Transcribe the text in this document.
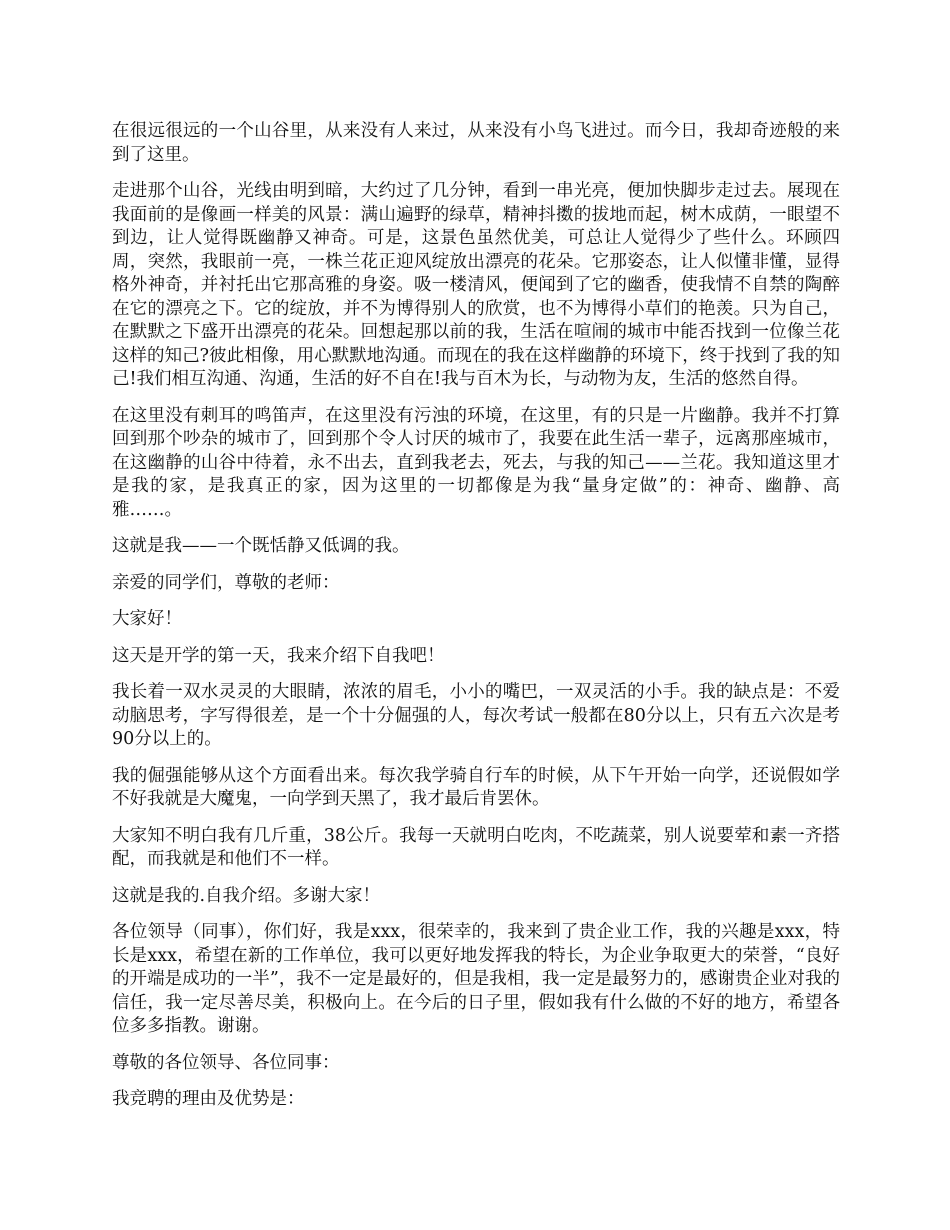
在很远很远的一个山谷里，从来没有人来过，从来没有小鸟飞进过。而今日，我却奇迹般的来到了这里。

走进那个山谷，光线由明到暗，大约过了几分钟，看到一串光亮，便加快脚步走过去。展现在我面前的是像画一样美的风景：满山遍野的绿草，精神抖擞的拔地而起，树木成荫，一眼望不到边，让人觉得既幽静又神奇。可是，这景色虽然优美，可总让人觉得少了些什么。环顾四周，突然，我眼前一亮，一株兰花正迎风绽放出漂亮的花朵。它那姿态，让人似懂非懂，显得格外神奇，并衬托出它那高雅的身姿。吸一楼清风，便闻到了它的幽香，使我情不自禁的陶醉在它的漂亮之下。它的绽放，并不为博得别人的欣赏，也不为博得小草们的艳羡。只为自己，在默默之下盛开出漂亮的花朵。回想起那以前的我，生活在喧闹的城市中能否找到一位像兰花这样的知己?彼此相像，用心默默地沟通。而现在的我在这样幽静的环境下，终于找到了我的知己!我们相互沟通、沟通，生活的好不自在!我与百木为长，与动物为友，生活的悠然自得。

在这里没有刺耳的鸣笛声，在这里没有污浊的环境，在这里，有的只是一片幽静。我并不打算回到那个吵杂的城市了，回到那个令人讨厌的城市了，我要在此生活一辈子，远离那座城市，在这幽静的山谷中待着，永不出去，直到我老去，死去，与我的知己——兰花。我知道这里才是我的家，是我真正的家，因为这里的一切都像是为我“量身定做”的：神奇、幽静、高雅……。

这就是我——一个既恬静又低调的我。

亲爱的同学们，尊敬的老师：

大家好！

这天是开学的第一天，我来介绍下自我吧！

我长着一双水灵灵的大眼睛，浓浓的眉毛，小小的嘴巴，一双灵活的小手。我的缺点是：不爱动脑思考，字写得很差，是一个十分倔强的人，每次考试一般都在80分以上，只有五六次是考90分以上的。

我的倔强能够从这个方面看出来。每次我学骑自行车的时候，从下午开始一向学，还说假如学不好我就是大魔鬼，一向学到天黑了，我才最后肯罢休。

大家知不明白我有几斤重，38公斤。我每一天就明白吃肉，不吃蔬菜，别人说要荤和素一齐搭配，而我就是和他们不一样。

这就是我的.自我介绍。多谢大家！

各位领导（同事），你们好，我是xxx，很荣幸的，我来到了贵企业工作，我的兴趣是xxx，特长是xxx，希望在新的工作单位，我可以更好地发挥我的特长，为企业争取更大的荣誉，“良好的开端是成功的一半”，我不一定是最好的，但是我相，我一定是最努力的，感谢贵企业对我的信任，我一定尽善尽美，积极向上。在今后的日子里，假如我有什么做的不好的地方，希望各位多多指教。谢谢。

尊敬的各位领导、各位同事：

我竞聘的理由及优势是：
